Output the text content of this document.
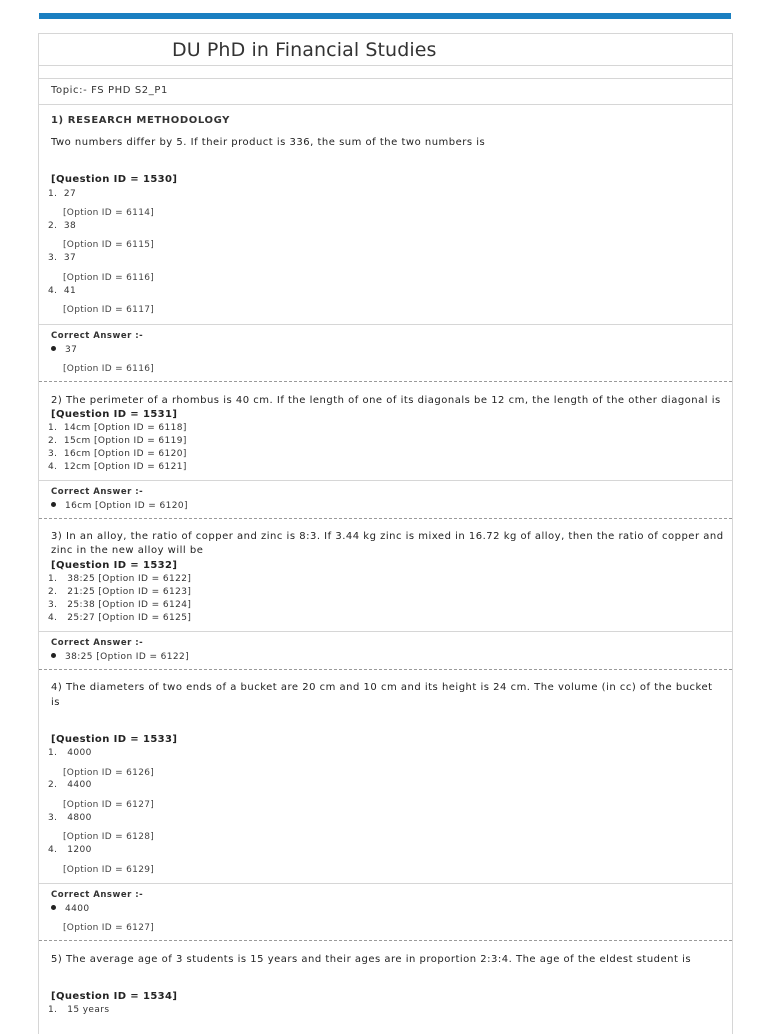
DU PhD in Financial Studies
Topic:- FS PHD S2_P1
1) RESEARCH METHODOLOGY
Two numbers differ by 5. If their product is 336, the sum of the two numbers is
[Question ID = 1530]
1. 27
[Option ID = 6114]
2. 38
[Option ID = 6115]
3. 37
[Option ID = 6116]
4. 41
[Option ID = 6117]
Correct Answer :-
37
[Option ID = 6116]
2) The perimeter of a rhombus is 40 cm. If the length of one of its diagonals be 12 cm, the length of the other diagonal is
[Question ID = 1531]
1. 14cm [Option ID = 6118]
2. 15cm [Option ID = 6119]
3. 16cm [Option ID = 6120]
4. 12cm [Option ID = 6121]
Correct Answer :-
16cm [Option ID = 6120]
3) In an alloy, the ratio of copper and zinc is 8:3. If 3.44 kg zinc is mixed in 16.72 kg of alloy, then the ratio of copper and
zinc in the new alloy will be
[Question ID = 1532]
1. 38:25 [Option ID = 6122]
2. 21:25 [Option ID = 6123]
3. 25:38 [Option ID = 6124]
4. 25:27 [Option ID = 6125]
Correct Answer :-
38:25 [Option ID = 6122]
4) The diameters of two ends of a bucket are 20 cm and 10 cm and its height is 24 cm. The volume (in cc) of the bucket
is
[Question ID = 1533]
1. 4000
[Option ID = 6126]
2. 4400
[Option ID = 6127]
3. 4800
[Option ID = 6128]
4. 1200
[Option ID = 6129]
Correct Answer :-
4400
[Option ID = 6127]
5) The average age of 3 students is 15 years and their ages are in proportion 2:3:4. The age of the eldest student is
[Question ID = 1534]
1. 15 years
